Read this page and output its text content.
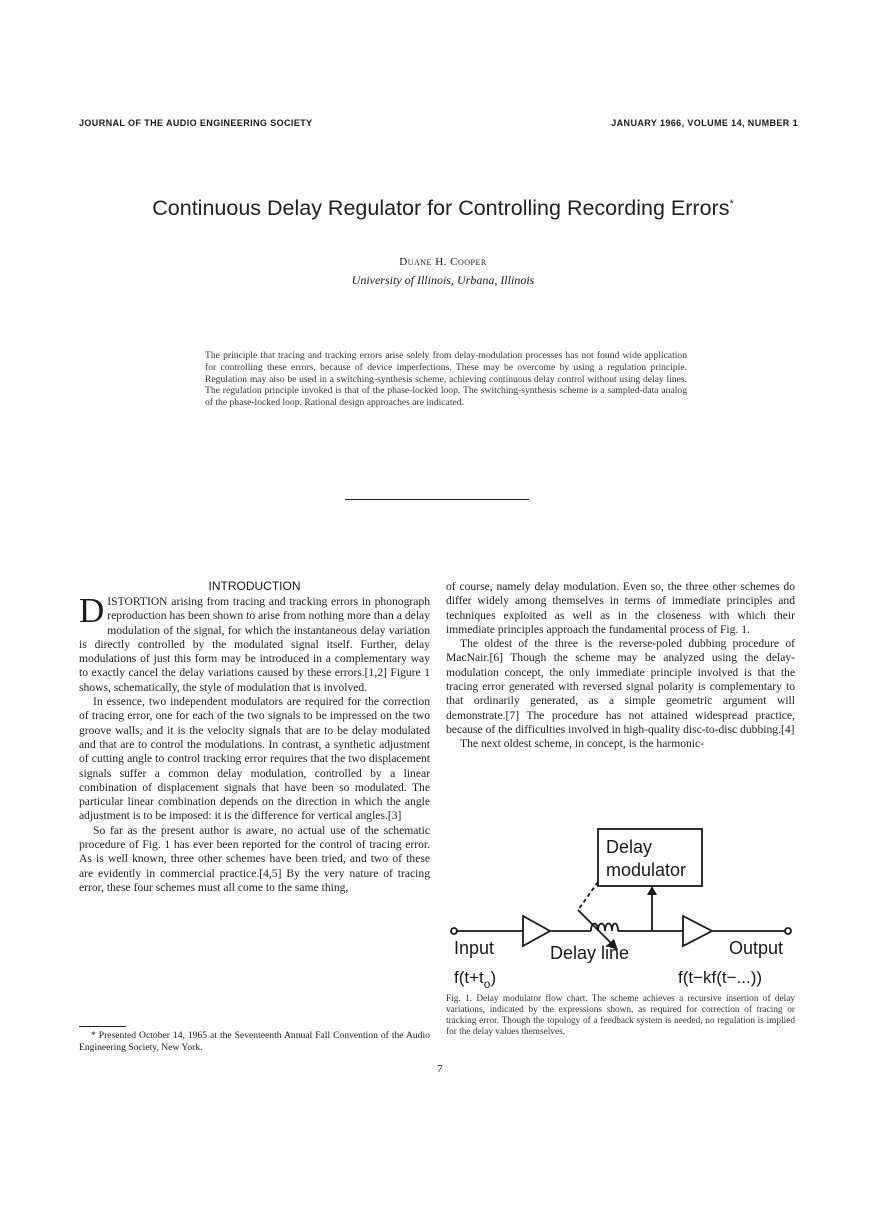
JOURNAL OF THE AUDIO ENGINEERING SOCIETY	JANUARY 1966, VOLUME 14, NUMBER 1
Continuous Delay Regulator for Controlling Recording Errors*
Duane H. Cooper
University of Illinois, Urbana, Illinois
The principle that tracing and tracking errors arise solely from delay-modulation processes has not found wide application for controlling these errors, because of device imperfections. These may be overcome by using a regulation principle. Regulation may also be used in a switching-synthesis scheme, achieving continuous delay control without using delay lines. The regulation principle invoked is that of the phase-locked loop. The switching-synthesis scheme is a sampled-data analog of the phase-locked loop. Rational design approaches are indicated.
INTRODUCTION

DISTORTION arising from tracing and tracking errors in phonograph reproduction has been shown to arise from nothing more than a delay modulation of the signal, for which the instantaneous delay variation is directly controlled by the modulated signal itself. Further, delay modulations of just this form may be introduced in a complementary way to exactly cancel the delay variations caused by these errors.[1,2] Figure 1 shows, schematically, the style of modulation that is involved.

In essence, two independent modulators are required for the correction of tracing error, one for each of the two signals to be impressed on the two groove walls, and it is the velocity signals that are to be delay modulated and that are to control the modulations. In contrast, a synthetic adjustment of cutting angle to control tracking error requires that the two displacement signals suffer a common delay modulation, controlled by a linear combination of displacement signals that have been so modulated. The particular linear combination depends on the direction in which the angle adjustment is to be imposed: it is the difference for vertical angles.[3]

So far as the present author is aware, no actual use of the schematic procedure of Fig. 1 has ever been reported for the control of tracing error. As is well known, three other schemes have been tried, and two of these are evidently in commercial practice.[4,5] By the very nature of tracing error, these four schemes must all come to the same thing,

* Presented October 14, 1965 at the Seventeenth Annual Fall Convention of the Audio Engineering Society, New York.

of course, namely delay modulation. Even so, the three other schemes do differ widely among themselves in terms of immediate principles and techniques exploited as well as in the closeness with which their immediate principles approach the fundamental process of Fig. 1.

The oldest of the three is the reverse-poled dubbing procedure of MacNair.[6] Though the scheme may be analyzed using the delay-modulation concept, the only immediate principle involved is that the tracing error generated with reversed signal polarity is complementary to that ordinarily generated, as a simple geometric argument will demonstrate.[7] The procedure has not attained widespread practice, because of the difficulties involved in high-quality disc-to-disc dubbing.[4]

The next oldest scheme, in concept, is the harmonic-

Delay
modulator
Input	Delay line	Output
$f(t+t_o)$	f(t−kf(t−...))
Fig. 1. Delay modulator flow chart. The scheme achieves a recursive insertion of delay variations, indicated by the expressions shown, as required for correction of tracing or tracking error. Though the topology of a feedback system is needed, no regulation is implied for the delay values themselves.
7
